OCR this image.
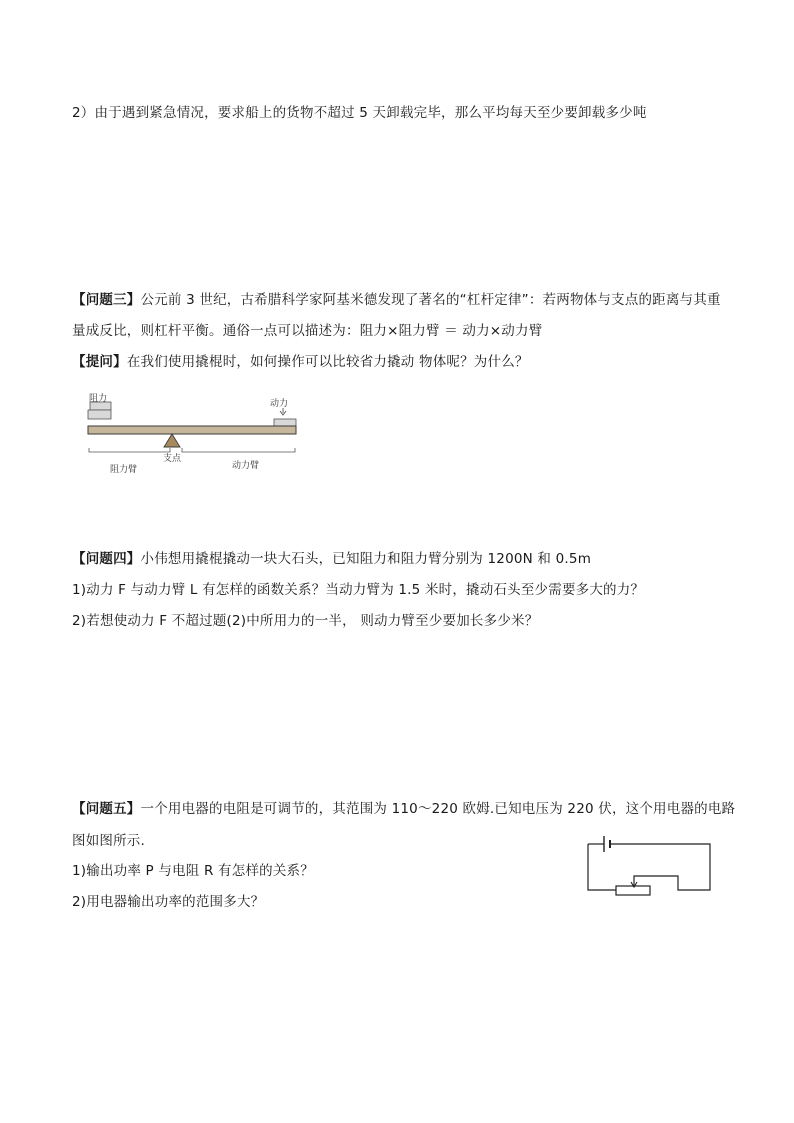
2）由于遇到紧急情况，要求船上的货物不超过 5 天卸载完毕，那么平均每天至少要卸载多少吨
【问题三】公元前 3 世纪，古希腊科学家阿基米德发现了著名的“杠杆定律”：若两物体与支点的距离与其重
量成反比，则杠杆平衡。通俗一点可以描述为：阻力×阻力臂 ＝ 动力×动力臂
【提问】在我们使用撬棍时，如何操作可以比较省力撬动 物体呢？为什么？
阻力	动力
支点
阻力臂	动力臂
【问题四】小伟想用撬棍撬动一块大石头，已知阻力和阻力臂分别为 1200N 和 0.5m
1)动力 F 与动力臂 L 有怎样的函数关系？当动力臂为 1.5 米时，撬动石头至少需要多大的力？
2)若想使动力 F 不超过题(2)中所用力的一半， 则动力臂至少要加长多少米？
【问题五】一个用电器的电阻是可调节的，其范围为 110～220 欧姆.已知电压为 220 伏，这个用电器的电路
图如图所示.
1)输出功率 P 与电阻 R 有怎样的关系？
2)用电器输出功率的范围多大？
